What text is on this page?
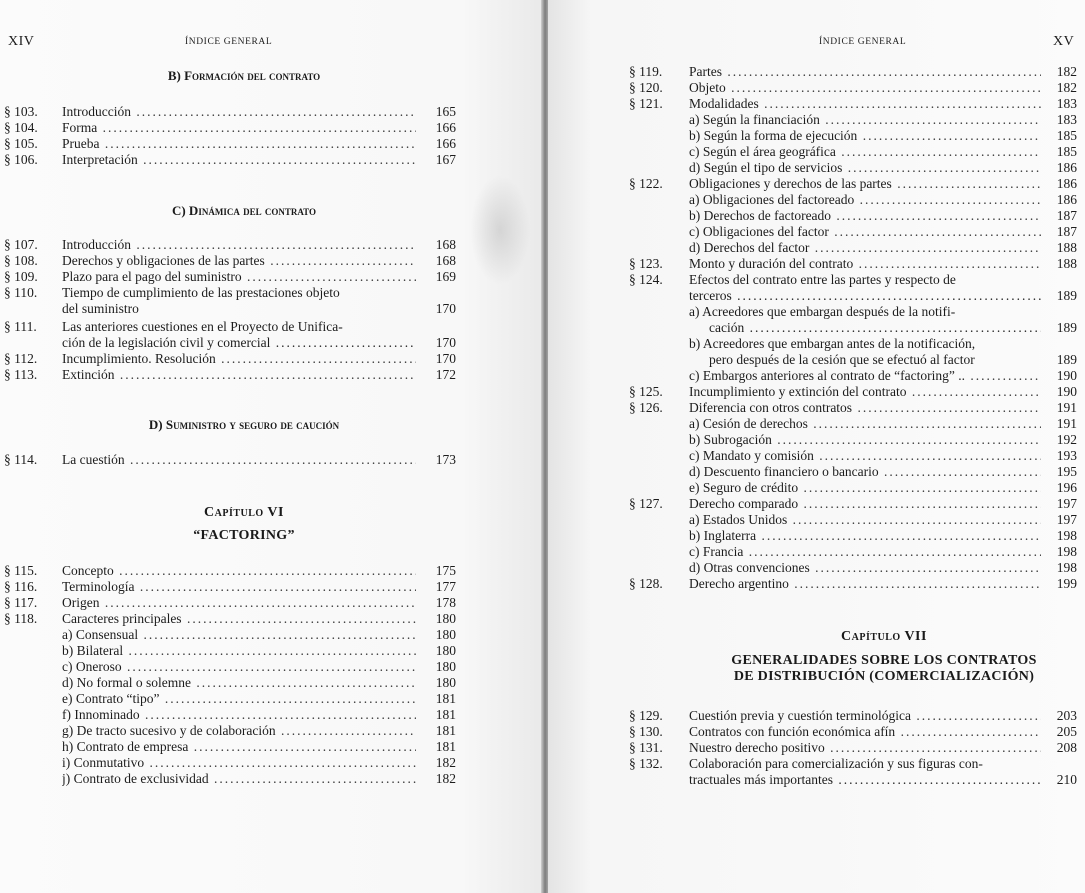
XIV	ÍNDICE GENERAL
B) Formación del contrato
§ 103.	Introducción .....	165
§ 104.	Forma .....	166
§ 105.	Prueba .....	166
§ 106.	Interpretación .....	167
C) Dinámica del contrato
§ 107.	Introducción .....	168
§ 108.	Derechos y obligaciones de las partes .....	168
§ 109.	Plazo para el pago del suministro .....	169
§ 110.	Tiempo de cumplimiento de las prestaciones objeto
del suministro	170
§ 111.	Las anteriores cuestiones en el Proyecto de Unifica-
ción de la legislación civil y comercial .....	170
§ 112.	Incumplimiento. Resolución .....	170
§ 113.	Extinción .....	172
D) Suministro y seguro de caución
§ 114.	La cuestión .....	173
Capítulo VI
“FACTORING”
§ 115.	Concepto .....	175
§ 116.	Terminología .....	177
§ 117.	Origen .....	178
§ 118.	Caracteres principales .....	180
a) Consensual .....	180
b) Bilateral .....	180
c) Oneroso .....	180
d) No formal o solemne .....	180
e) Contrato “tipo” .....	181
f) Innominado .....	181
g) De tracto sucesivo y de colaboración .....	181
h) Contrato de empresa .....	181
i) Conmutativo .....	182
j) Contrato de exclusividad .....	182
ÍNDICE GENERAL	XV
§ 119.	Partes .....	182
§ 120.	Objeto .....	182
§ 121.	Modalidades .....	183
a) Según la financiación .....	183
b) Según la forma de ejecución .....	185
c) Según el área geográfica .....	185
d) Según el tipo de servicios .....	186
§ 122.	Obligaciones y derechos de las partes .....	186
a) Obligaciones del factoreado .....	186
b) Derechos de factoreado .....	187
c) Obligaciones del factor .....	187
d) Derechos del factor .....	188
§ 123.	Monto y duración del contrato .....	188
§ 124.	Efectos del contrato entre las partes y respecto de
terceros .....	189
a) Acreedores que embargan después de la notifi-
cación .....	189
b) Acreedores que embargan antes de la notificación,
pero después de la cesión que se efectuó al factor	189
c) Embargos anteriores al contrato de “factoring” .. .....	190
§ 125.	Incumplimiento y extinción del contrato .....	190
§ 126.	Diferencia con otros contratos .....	191
a) Cesión de derechos .....	191
b) Subrogación .....	192
c) Mandato y comisión .....	193
d) Descuento financiero o bancario .....	195
e) Seguro de crédito .....	196
§ 127.	Derecho comparado .....	197
a) Estados Unidos .....	197
b) Inglaterra .....	198
c) Francia .....	198
d) Otras convenciones .....	198
§ 128.	Derecho argentino .....	199
Capítulo VII
GENERALIDADES SOBRE LOS CONTRATOS
DE DISTRIBUCIÓN (COMERCIALIZACIÓN)
§ 129.	Cuestión previa y cuestión terminológica .....	203
§ 130.	Contratos con función económica afín .....	205
§ 131.	Nuestro derecho positivo .....	208
§ 132.	Colaboración para comercialización y sus figuras con-
tractuales más importantes .....	210
